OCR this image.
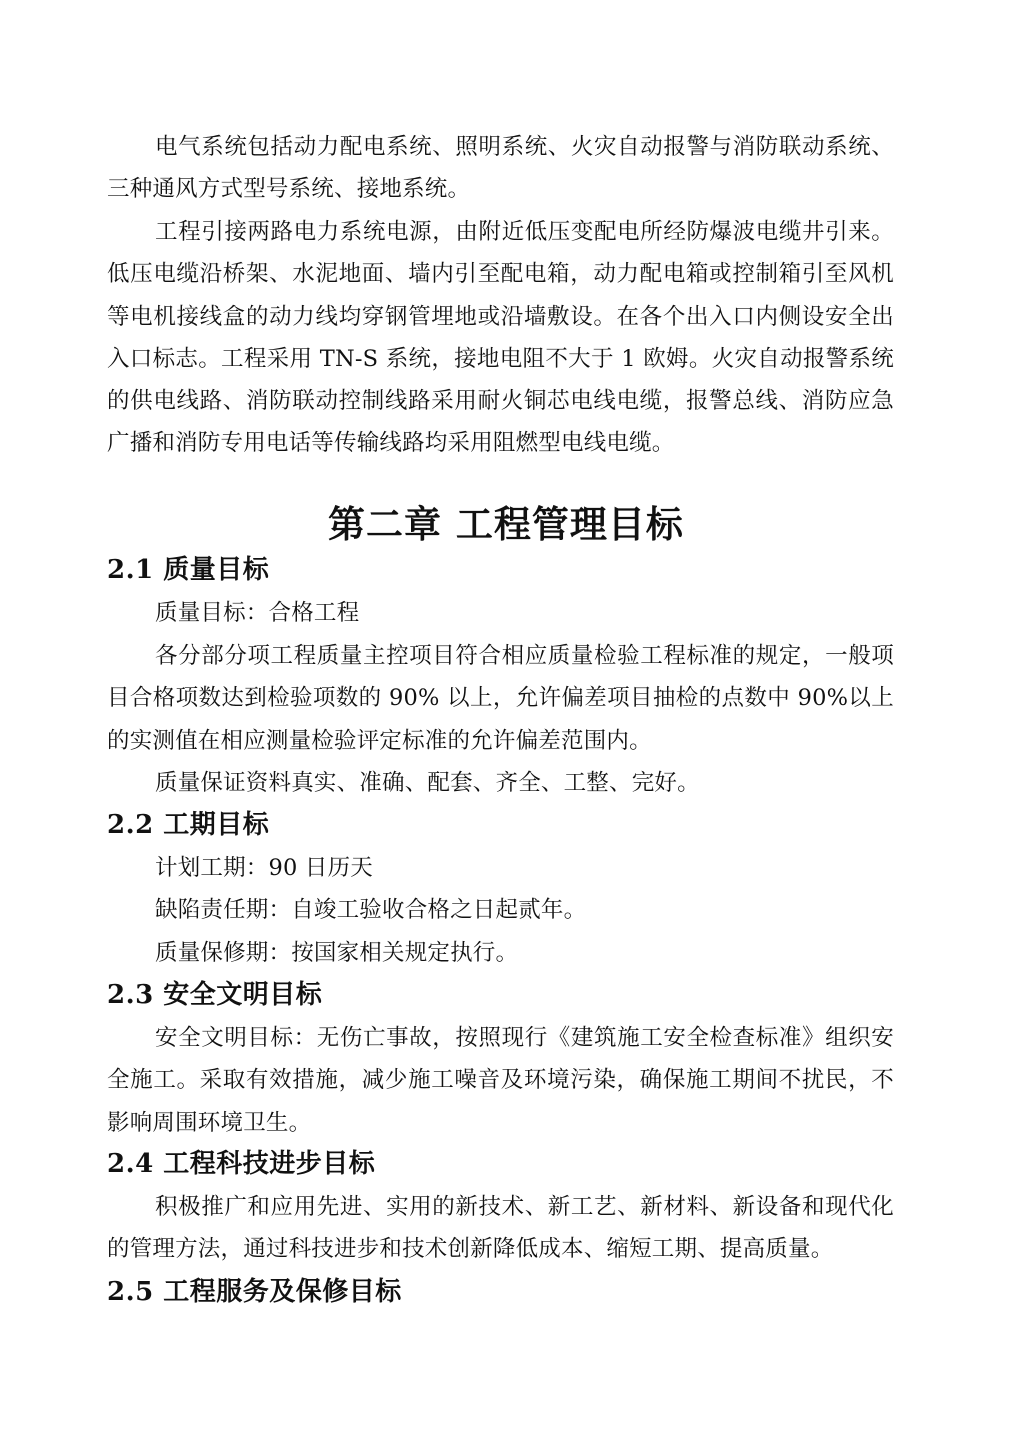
电气系统包括动力配电系统、照明系统、火灾自动报警与消防联动系统、三种通风方式型号系统、接地系统。

工程引接两路电力系统电源，由附近低压变配电所经防爆波电缆井引来。低压电缆沿桥架、水泥地面、墙内引至配电箱，动力配电箱或控制箱引至风机等电机接线盒的动力线均穿钢管埋地或沿墙敷设。在各个出入口内侧设安全出入口标志。工程采用 TN-S 系统，接地电阻不大于 1 欧姆。火灾自动报警系统的供电线路、消防联动控制线路采用耐火铜芯电线电缆，报警总线、消防应急广播和消防专用电话等传输线路均采用阻燃型电线电缆。

第二章 工程管理目标
2.1 质量目标

质量目标：合格工程

各分部分项工程质量主控项目符合相应质量检验工程标准的规定，一般项目合格项数达到检验项数的 90% 以上，允许偏差项目抽检的点数中 90%以上的实测值在相应测量检验评定标准的允许偏差范围内。

质量保证资料真实、准确、配套、齐全、工整、完好。

2.2 工期目标

计划工期：90 日历天

缺陷责任期：自竣工验收合格之日起贰年。

质量保修期：按国家相关规定执行。

2.3 安全文明目标

安全文明目标：无伤亡事故，按照现行《建筑施工安全检查标准》组织安全施工。采取有效措施，减少施工噪音及环境污染，确保施工期间不扰民，不影响周围环境卫生。

2.4 工程科技进步目标

积极推广和应用先进、实用的新技术、新工艺、新材料、新设备和现代化的管理方法，通过科技进步和技术创新降低成本、缩短工期、提高质量。

2.5 工程服务及保修目标
